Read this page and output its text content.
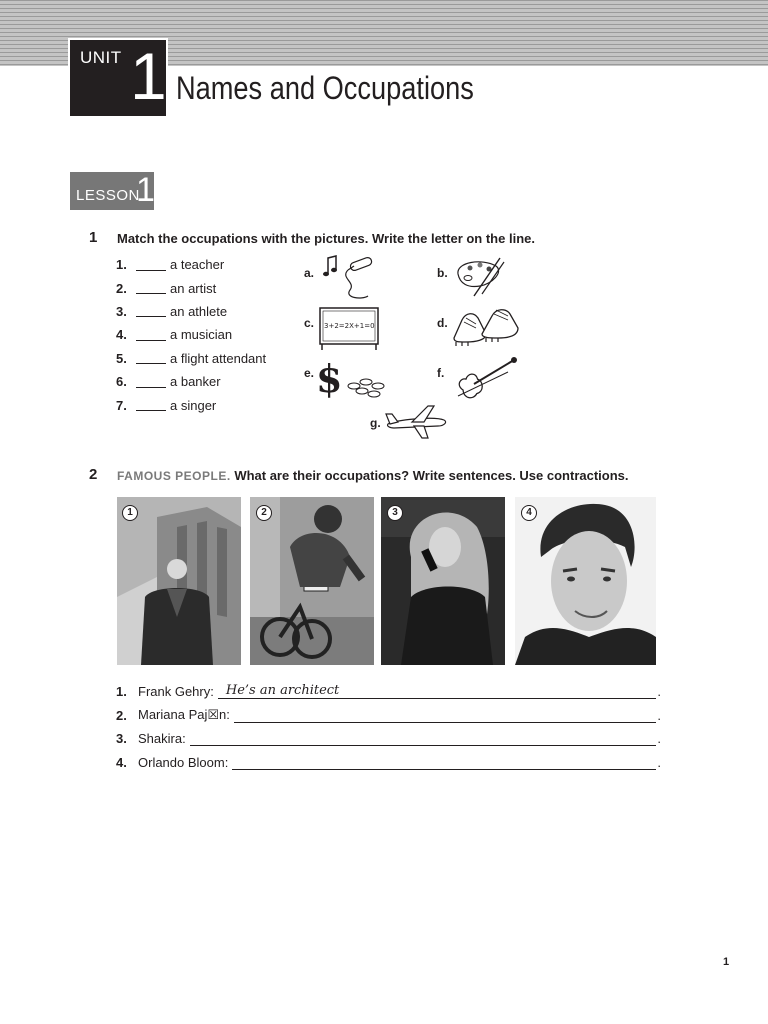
UNIT 1 Names and Occupations
LESSON
1
1 Match the occupations with the pictures. Write the letter on the line.
1.	a teacher
2.	an artist
3.	an athlete
4.	a musician
5.	a flight attendant
6.	a banker
7.	a singer
a.	b.
c.	d.
e.	f.
g.
3+2=2X+1=0
$
2 FAMOUS PEOPLE. What are their occupations? Write sentences. Use contractions.
1	2	3	4
1. Frank Gehry: He’s an architect	.
2. Mariana Paj☒n:	.
3. Shakira:	.
4. Orlando Bloom:	.
1
